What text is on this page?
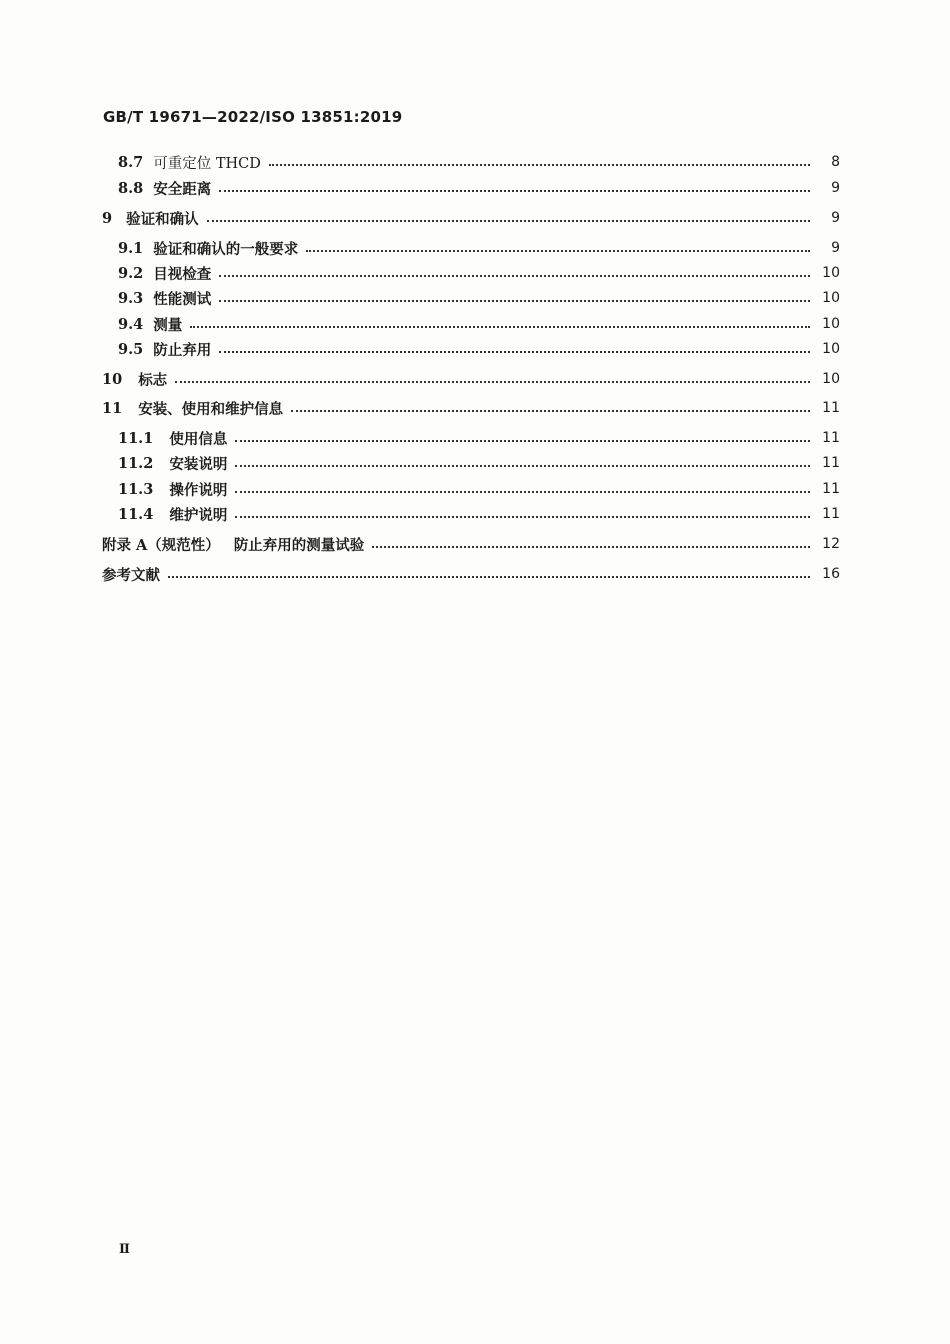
GB/T 19671—2022/ISO 13851:2019
8.7 可重定位 THCD	8
8.8 安全距离	9
9 验证和确认	9
9.1 验证和确认的一般要求	9
9.2 目视检查	10
9.3 性能测试	10
9.4 测量	10
9.5 防止弃用	10
10 标志	10
11 安装、使用和维护信息	11
11.1 使用信息	11
11.2 安装说明	11
11.3 操作说明	11
11.4 维护说明	11
附录 A（规范性） 防止弃用的测量试验	12
参考文献	16
Ⅱ
